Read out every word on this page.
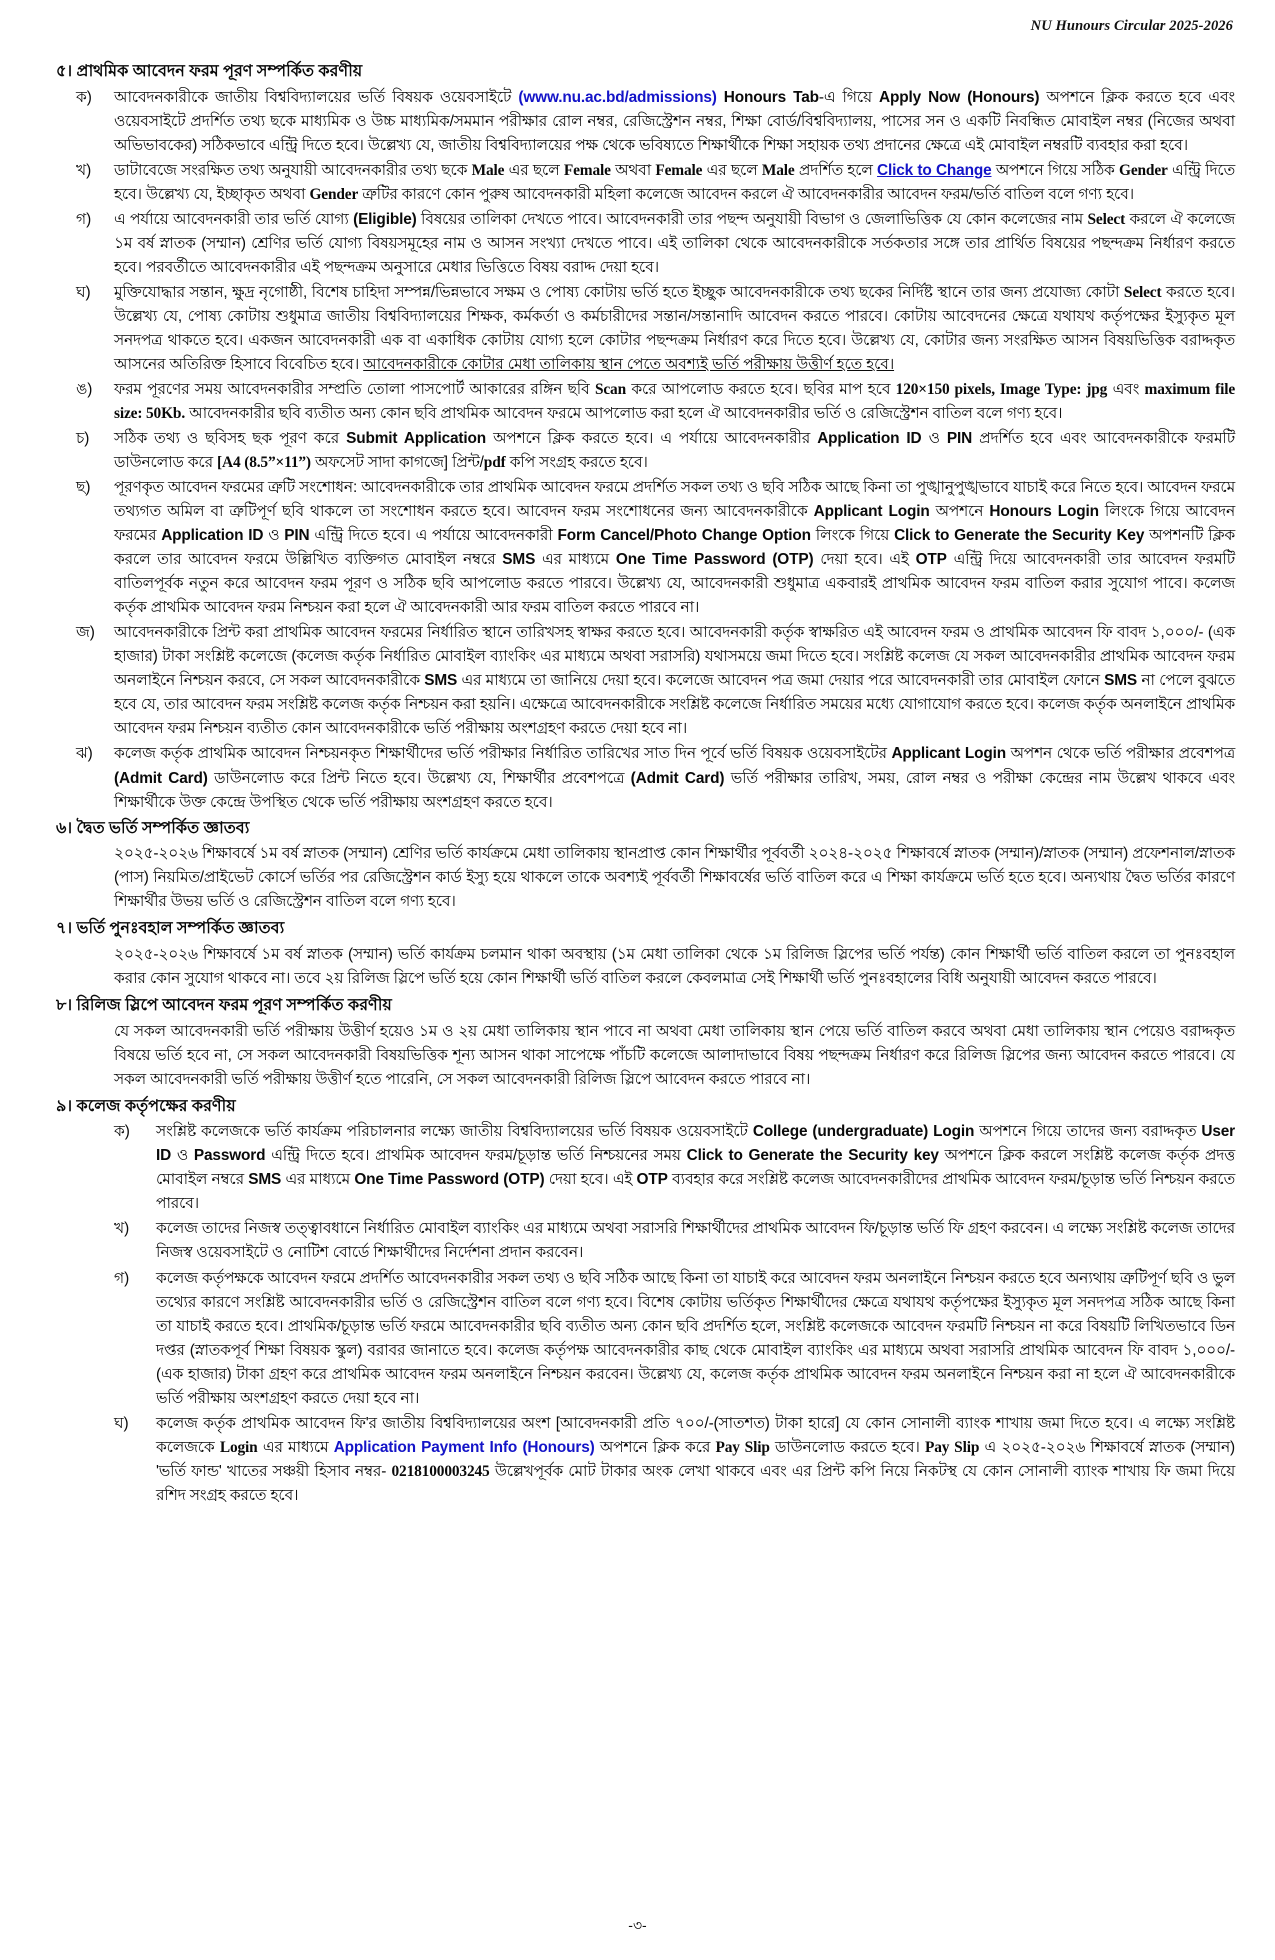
NU Hunours Circular 2025-2026
৫। প্রাথমিক আবেদন ফরম পূরণ সম্পর্কিত করণীয়
ক)	আবেদনকারীকে জাতীয় বিশ্ববিদ্যালয়ের ভর্তি বিষয়ক ওয়েবসাইটে (www.nu.ac.bd/admissions) Honours Tab-এ গিয়ে Apply Now (Honours) অপশনে ক্লিক করতে হবে এবং ওয়েবসাইটে প্রদর্শিত তথ্য ছকে মাধ্যমিক ও উচ্চ মাধ্যমিক/সমমান পরীক্ষার রোল নম্বর, রেজিস্ট্রেশন নম্বর, শিক্ষা বোর্ড/বিশ্ববিদ্যালয়, পাসের সন ও একটি নিবন্ধিত মোবাইল নম্বর (নিজের অথবা অভিভাবকের) সঠিকভাবে এন্ট্রি দিতে হবে। উল্লেখ্য যে, জাতীয় বিশ্ববিদ্যালয়ের পক্ষ থেকে ভবিষ্যতে শিক্ষার্থীকে শিক্ষা সহায়ক তথ্য প্রদানের ক্ষেত্রে এই মোবাইল নম্বরটি ব্যবহার করা হবে।
খ)	ডাটাবেজে সংরক্ষিত তথ্য অনুযায়ী আবেদনকারীর তথ্য ছকে Male এর ছলে Female অথবা Female এর ছলে Male প্রদর্শিত হলে Click to Change অপশনে গিয়ে সঠিক Gender এন্ট্রি দিতে হবে। উল্লেখ্য যে, ইচ্ছাকৃত অথবা Gender ত্রুটির কারণে কোন পুরুষ আবেদনকারী মহিলা কলেজে আবেদন করলে ঐ আবেদনকারীর আবেদন ফরম/ভর্তি বাতিল বলে গণ্য হবে।
গ)	এ পর্যায়ে আবেদনকারী তার ভর্তি যোগ্য (Eligible) বিষয়ের তালিকা দেখতে পাবে। আবেদনকারী তার পছন্দ অনুযায়ী বিভাগ ও জেলাভিত্তিক যে কোন কলেজের নাম Select করলে ঐ কলেজে ১ম বর্ষ স্নাতক (সম্মান) শ্রেণির ভর্তি যোগ্য বিষয়সমূহের নাম ও আসন সংখ্যা দেখতে পাবে। এই তালিকা থেকে আবেদনকারীকে সর্তকতার সঙ্গে তার প্রার্থিত বিষয়ের পছন্দক্রম নির্ধারণ করতে হবে। পরবর্তীতে আবেদনকারীর এই পছন্দক্রম অনুসারে মেধার ভিত্তিতে বিষয় বরাদ্দ দেয়া হবে।
ঘ)	মুক্তিযোদ্ধার সন্তান, ক্ষুদ্র নৃগোষ্ঠী, বিশেষ চাহিদা সম্পন্ন/ভিন্নভাবে সক্ষম ও পোষ্য কোটায় ভর্তি হতে ইচ্ছুক আবেদনকারীকে তথ্য ছকের নির্দিষ্ট স্থানে তার জন্য প্রযোজ্য কোটা Select করতে হবে। উল্লেখ্য যে, পোষ্য কোটায় শুধুমাত্র জাতীয় বিশ্ববিদ্যালয়ের শিক্ষক, কর্মকর্তা ও কর্মচারীদের সন্তান/সন্তানাদি আবেদন করতে পারবে। কোটায় আবেদনের ক্ষেত্রে যথাযথ কর্তৃপক্ষের ইস্যুকৃত মূল সনদপত্র থাকতে হবে। একজন আবেদনকারী এক বা একাধিক কোটায় যোগ্য হলে কোটার পছন্দক্রম নির্ধারণ করে দিতে হবে। উল্লেখ্য যে, কোটার জন্য সংরক্ষিত আসন বিষয়ভিত্তিক বরাদ্দকৃত আসনের অতিরিক্ত হিসাবে বিবেচিত হবে। আবেদনকারীকে কোটার মেধা তালিকায় স্থান পেতে অবশ্যই ভর্তি পরীক্ষায় উত্তীর্ণ হতে হবে।
ঙ)	ফরম পূরণের সময় আবেদনকারীর সম্প্রতি তোলা পাসপোর্ট আকারের রঙ্গিন ছবি Scan করে আপলোড করতে হবে। ছবির মাপ হবে 120×150 pixels, Image Type: jpg এবং maximum file size: 50Kb. আবেদনকারীর ছবি ব্যতীত অন্য কোন ছবি প্রাথমিক আবেদন ফরমে আপলোড করা হলে ঐ আবেদনকারীর ভর্তি ও রেজিস্ট্রেশন বাতিল বলে গণ্য হবে।
চ)	সঠিক তথ্য ও ছবিসহ ছক পূরণ করে Submit Application অপশনে ক্লিক করতে হবে। এ পর্যায়ে আবেদনকারীর Application ID ও PIN প্রদর্শিত হবে এবং আবেদনকারীকে ফরমটি ডাউনলোড করে [A4 (8.5”×11”) অফসেট সাদা কাগজে] প্রিন্ট/pdf কপি সংগ্রহ করতে হবে।
ছ)	পূরণকৃত আবেদন ফরমের ত্রুটি সংশোধন: আবেদনকারীকে তার প্রাথমিক আবেদন ফরমে প্রদর্শিত সকল তথ্য ও ছবি সঠিক আছে কিনা তা পুঙ্খানুপুঙ্খভাবে যাচাই করে নিতে হবে। আবেদন ফরমে তথ্যগত অমিল বা ত্রুটিপূর্ণ ছবি থাকলে তা সংশোধন করতে হবে। আবেদন ফরম সংশোধনের জন্য আবেদনকারীকে Applicant Login অপশনে Honours Login লিংকে গিয়ে আবেদন ফরমের Application ID ও PIN এন্ট্রি দিতে হবে। এ পর্যায়ে আবেদনকারী Form Cancel/Photo Change Option লিংকে গিয়ে Click to Generate the Security Key অপশনটি ক্লিক করলে তার আবেদন ফরমে উল্লিখিত ব্যক্তিগত মোবাইল নম্বরে SMS এর মাধ্যমে One Time Password (OTP) দেয়া হবে। এই OTP এন্ট্রি দিয়ে আবেদনকারী তার আবেদন ফরমটি বাতিলপূর্বক নতুন করে আবেদন ফরম পূরণ ও সঠিক ছবি আপলোড করতে পারবে। উল্লেখ্য যে, আবেদনকারী শুধুমাত্র একবারই প্রাথমিক আবেদন ফরম বাতিল করার সুযোগ পাবে। কলেজ কর্তৃক প্রাথমিক আবেদন ফরম নিশ্চয়ন করা হলে ঐ আবেদনকারী আর ফরম বাতিল করতে পারবে না।
জ)	আবেদনকারীকে প্রিন্ট করা প্রাথমিক আবেদন ফরমের নির্ধারিত স্থানে তারিখসহ স্বাক্ষর করতে হবে। আবেদনকারী কর্তৃক স্বাক্ষরিত এই আবেদন ফরম ও প্রাথমিক আবেদন ফি বাবদ ১,০০০/- (এক হাজার) টাকা সংশ্লিষ্ট কলেজে (কলেজ কর্তৃক নির্ধারিত মোবাইল ব্যাংকিং এর মাধ্যমে অথবা সরাসরি) যথাসময়ে জমা দিতে হবে। সংশ্লিষ্ট কলেজ যে সকল আবেদনকারীর প্রাথমিক আবেদন ফরম অনলাইনে নিশ্চয়ন করবে, সে সকল আবেদনকারীকে SMS এর মাধ্যমে তা জানিয়ে দেয়া হবে। কলেজে আবেদন পত্র জমা দেয়ার পরে আবেদনকারী তার মোবাইল ফোনে SMS না পেলে বুঝতে হবে যে, তার আবেদন ফরম সংশ্লিষ্ট কলেজ কর্তৃক নিশ্চয়ন করা হয়নি। এক্ষেত্রে আবেদনকারীকে সংশ্লিষ্ট কলেজে নির্ধারিত সময়ের মধ্যে যোগাযোগ করতে হবে। কলেজ কর্তৃক অনলাইনে প্রাথমিক আবেদন ফরম নিশ্চয়ন ব্যতীত কোন আবেদনকারীকে ভর্তি পরীক্ষায় অংশগ্রহণ করতে দেয়া হবে না।
ঝ)	কলেজ কর্তৃক প্রাথমিক আবেদন নিশ্চয়নকৃত শিক্ষার্থীদের ভর্তি পরীক্ষার নির্ধারিত তারিখের সাত দিন পূর্বে ভর্তি বিষয়ক ওয়েবসাইটের Applicant Login অপশন থেকে ভর্তি পরীক্ষার প্রবেশপত্র (Admit Card) ডাউনলোড করে প্রিন্ট নিতে হবে। উল্লেখ্য যে, শিক্ষার্থীর প্রবেশপত্রে (Admit Card) ভর্তি পরীক্ষার তারিখ, সময়, রোল নম্বর ও পরীক্ষা কেন্দ্রের নাম উল্লেখ থাকবে এবং শিক্ষার্থীকে উক্ত কেন্দ্রে উপস্থিত থেকে ভর্তি পরীক্ষায় অংশগ্রহণ করতে হবে।
৬। দ্বৈত ভর্তি সম্পর্কিত জ্ঞাতব্য
২০২৫-২০২৬ শিক্ষাবর্ষে ১ম বর্ষ স্নাতক (সম্মান) শ্রেণির ভর্তি কার্যক্রমে মেধা তালিকায় স্থানপ্রাপ্ত কোন শিক্ষার্থীর পূর্ববর্তী ২০২৪-২০২৫ শিক্ষাবর্ষে স্নাতক (সম্মান)/স্নাতক (সম্মান) প্রফেশনাল/স্নাতক (পাস) নিয়মিত/প্রাইভেট কোর্সে ভর্তির পর রেজিস্ট্রেশন কার্ড ইস্যু হয়ে থাকলে তাকে অবশ্যই পূর্ববর্তী শিক্ষাবর্ষের ভর্তি বাতিল করে এ শিক্ষা কার্যক্রমে ভর্তি হতে হবে। অন্যথায় দ্বৈত ভর্তির কারণে শিক্ষার্থীর উভয় ভর্তি ও রেজিস্ট্রেশন বাতিল বলে গণ্য হবে।
৭। ভর্তি পুনঃবহাল সম্পর্কিত জ্ঞাতব্য
২০২৫-২০২৬ শিক্ষাবর্ষে ১ম বর্ষ স্নাতক (সম্মান) ভর্তি কার্যক্রম চলমান থাকা অবস্থায় (১ম মেধা তালিকা থেকে ১ম রিলিজ স্লিপের ভর্তি পর্যন্ত) কোন শিক্ষার্থী ভর্তি বাতিল করলে তা পুনঃবহাল করার কোন সুযোগ থাকবে না। তবে ২য় রিলিজ স্লিপে ভর্তি হয়ে কোন শিক্ষার্থী ভর্তি বাতিল করলে কেবলমাত্র সেই শিক্ষার্থী ভর্তি পুনঃবহালের বিধি অনুযায়ী আবেদন করতে পারবে।
৮। রিলিজ স্লিপে আবেদন ফরম পূরণ সম্পর্কিত করণীয়
যে সকল আবেদনকারী ভর্তি পরীক্ষায় উত্তীর্ণ হয়েও ১ম ও ২য় মেধা তালিকায় স্থান পাবে না অথবা মেধা তালিকায় স্থান পেয়ে ভর্তি বাতিল করবে অথবা মেধা তালিকায় স্থান পেয়েও বরাদ্দকৃত বিষয়ে ভর্তি হবে না, সে সকল আবেদনকারী বিষয়ভিত্তিক শূন্য আসন থাকা সাপেক্ষে পাঁচটি কলেজে আলাদাভাবে বিষয় পছন্দক্রম নির্ধারণ করে রিলিজ স্লিপের জন্য আবেদন করতে পারবে। যে সকল আবেদনকারী ভর্তি পরীক্ষায় উত্তীর্ণ হতে পারেনি, সে সকল আবেদনকারী রিলিজ স্লিপে আবেদন করতে পারবে না।
৯। কলেজ কর্তৃপক্ষের করণীয়
ক)	সংশ্লিষ্ট কলেজকে ভর্তি কার্যক্রম পরিচালনার লক্ষ্যে জাতীয় বিশ্ববিদ্যালয়ের ভর্তি বিষয়ক ওয়েবসাইটে College (undergraduate) Login অপশনে গিয়ে তাদের জন্য বরাদ্দকৃত User ID ও Password এন্ট্রি দিতে হবে। প্রাথমিক আবেদন ফরম/চূড়ান্ত ভর্তি নিশ্চয়নের সময় Click to Generate the Security key অপশনে ক্লিক করলে সংশ্লিষ্ট কলেজ কর্তৃক প্রদত্ত মোবাইল নম্বরে SMS এর মাধ্যমে One Time Password (OTP) দেয়া হবে। এই OTP ব্যবহার করে সংশ্লিষ্ট কলেজ আবেদনকারীদের প্রাথমিক আবেদন ফরম/চূড়ান্ত ভর্তি নিশ্চয়ন করতে পারবে।
খ)	কলেজ তাদের নিজস্ব তত্ত্বাবধানে নির্ধারিত মোবাইল ব্যাংকিং এর মাধ্যমে অথবা সরাসরি শিক্ষার্থীদের প্রাথমিক আবেদন ফি/চূড়ান্ত ভর্তি ফি গ্রহণ করবেন। এ লক্ষ্যে সংশ্লিষ্ট কলেজ তাদের নিজস্ব ওয়েবসাইটে ও নোটিশ বোর্ডে শিক্ষার্থীদের নির্দেশনা প্রদান করবেন।
গ)	কলেজ কর্তৃপক্ষকে আবেদন ফরমে প্রদর্শিত আবেদনকারীর সকল তথ্য ও ছবি সঠিক আছে কিনা তা যাচাই করে আবেদন ফরম অনলাইনে নিশ্চয়ন করতে হবে অন্যথায় ত্রুটিপূর্ণ ছবি ও ভুল তথ্যের কারণে সংশ্লিষ্ট আবেদনকারীর ভর্তি ও রেজিস্ট্রেশন বাতিল বলে গণ্য হবে। বিশেষ কোটায় ভর্তিকৃত শিক্ষার্থীদের ক্ষেত্রে যথাযথ কর্তৃপক্ষের ইস্যুকৃত মূল সনদপত্র সঠিক আছে কিনা তা যাচাই করতে হবে। প্রাথমিক/চূড়ান্ত ভর্তি ফরমে আবেদনকারীর ছবি ব্যতীত অন্য কোন ছবি প্রদর্শিত হলে, সংশ্লিষ্ট কলেজকে আবেদন ফরমটি নিশ্চয়ন না করে বিষয়টি লিখিতভাবে ডিন দপ্তর (স্নাতকপূর্ব শিক্ষা বিষয়ক স্কুল) বরাবর জানাতে হবে। কলেজ কর্তৃপক্ষ আবেদনকারীর কাছ থেকে মোবাইল ব্যাংকিং এর মাধ্যমে অথবা সরাসরি প্রাথমিক আবেদন ফি বাবদ ১,০০০/- (এক হাজার) টাকা গ্রহণ করে প্রাথমিক আবেদন ফরম অনলাইনে নিশ্চয়ন করবেন। উল্লেখ্য যে, কলেজ কর্তৃক প্রাথমিক আবেদন ফরম অনলাইনে নিশ্চয়ন করা না হলে ঐ আবেদনকারীকে ভর্তি পরীক্ষায় অংশগ্রহণ করতে দেয়া হবে না।
ঘ)	কলেজ কর্তৃক প্রাথমিক আবেদন ফি'র জাতীয় বিশ্ববিদ্যালয়ের অংশ [আবেদনকারী প্রতি ৭০০/-(সাতশত) টাকা হারে] যে কোন সোনালী ব্যাংক শাখায় জমা দিতে হবে। এ লক্ষ্যে সংশ্লিষ্ট কলেজকে Login এর মাধ্যমে Application Payment Info (Honours) অপশনে ক্লিক করে Pay Slip ডাউনলোড করতে হবে। Pay Slip এ ২০২৫-২০২৬ শিক্ষাবর্ষে স্নাতক (সম্মান) 'ভর্তি ফান্ড' খাতের সঞ্চয়ী হিসাব নম্বর- 0218100003245 উল্লেখপূর্বক মোট টাকার অংক লেখা থাকবে এবং এর প্রিন্ট কপি নিয়ে নিকটস্থ যে কোন সোনালী ব্যাংক শাখায় ফি জমা দিয়ে রশিদ সংগ্রহ করতে হবে।
-৩-
